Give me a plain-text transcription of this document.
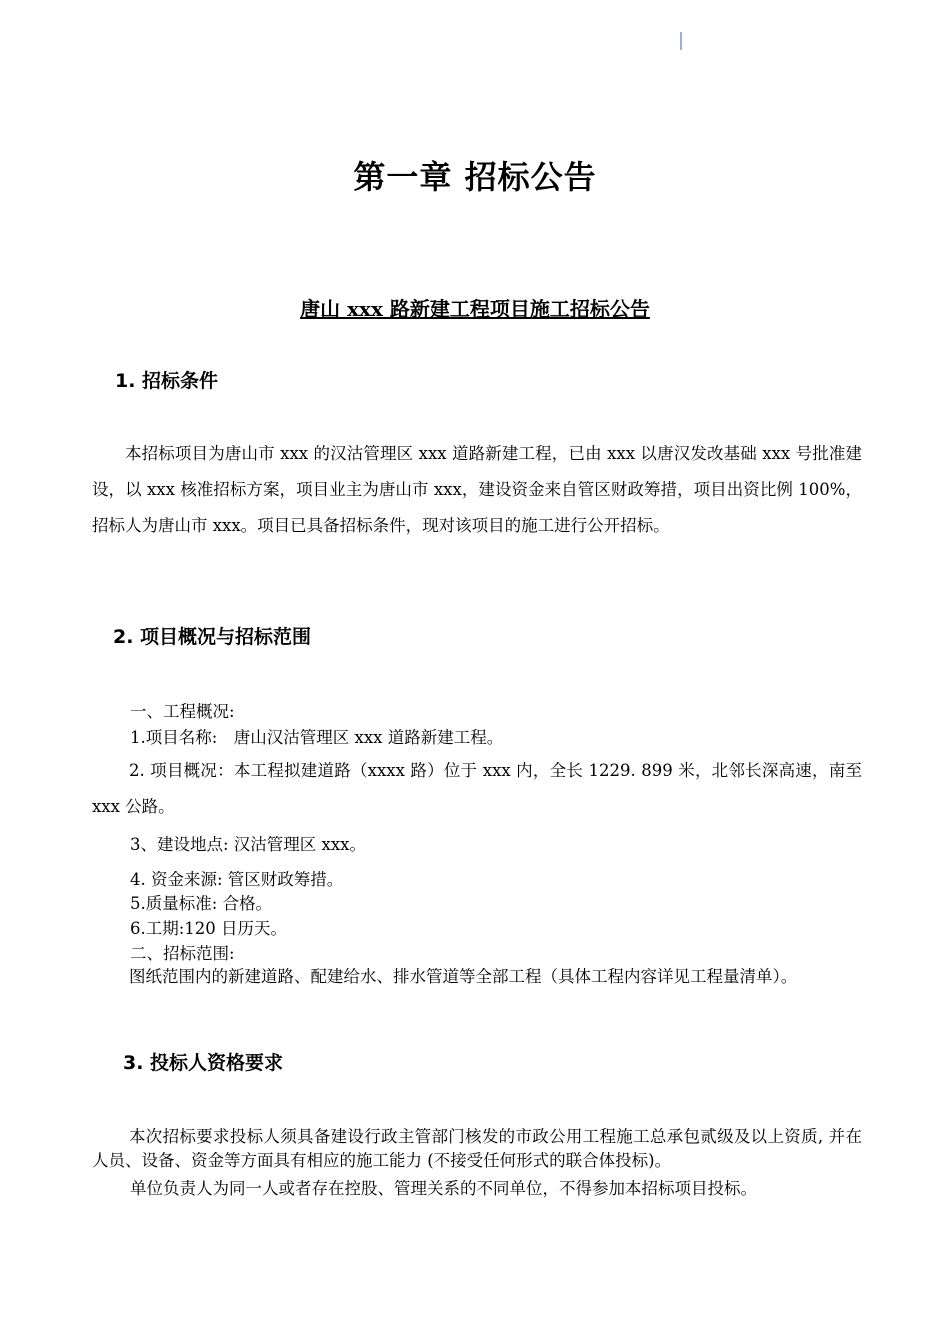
第一章 招标公告
唐山 xxx 路新建工程项目施工招标公告
1. 招标条件
本招标项目为唐山市 xxx 的汉沽管理区 xxx 道路新建工程，已由 xxx 以唐汉发改基础 xxx 号批准建设，以 xxx 核准招标方案，项目业主为唐山市 xxx，建设资金来自管区财政筹措，项目出资比例 100%，招标人为唐山市 xxx。项目已具备招标条件，现对该项目的施工进行公开招标。
2. 项目概况与招标范围
一、工程概况:
1.项目名称:　唐山汉沽管理区 xxx 道路新建工程。
2. 项目概况：本工程拟建道路（xxxx 路）位于 xxx 内，全长 1229. 899 米，北邻长深高速，南至 xxx 公路。
3、建设地点: 汉沽管理区 xxx。
4. 资金来源: 管区财政筹措。
5.质量标准: 合格。
6.工期:120 日历天。
二、招标范围:
图纸范围内的新建道路、配建给水、排水管道等全部工程（具体工程内容详见工程量清单）。
3. 投标人资格要求
本次招标要求投标人须具备建设行政主管部门核发的市政公用工程施工总承包贰级及以上资质, 并在人员、设备、资金等方面具有相应的施工能力 (不接受任何形式的联合体投标)。
单位负责人为同一人或者存在控股、管理关系的不同单位，不得参加本招标项目投标。
